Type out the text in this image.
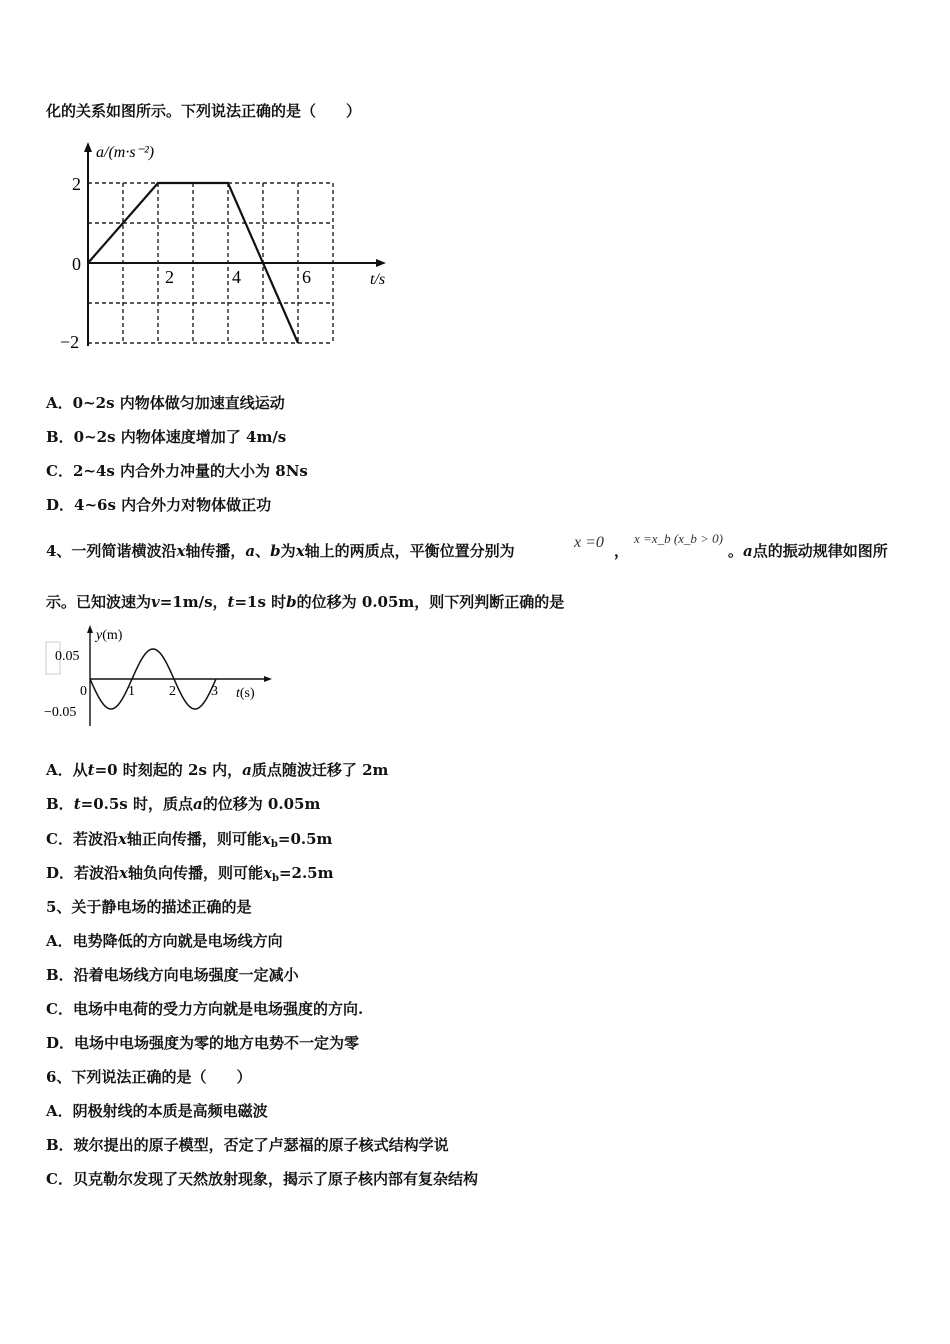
化的关系如图所示。下列说法正确的是（　　）
a/(m·s⁻²)
t/s
2
0
−2
2	4	6
A．0~2s 内物体做匀加速直线运动
B．0~2s 内物体速度增加了 4m/s
C．2~4s 内合外力冲量的大小为 8Ns
D．4~6s 内合外力对物体做正功
4、一列简谐横波沿x轴传播，a、b为x轴上的两质点，平衡位置分别为	x =0 ，
x =x_b (x_b > 0)
。a点的振动规律如图所
示。已知波速为v=1m/s，t=1s 时b的位移为 0.05m，则下列判断正确的是
y(m)
t(s)
0.05
0
−0.05
1 2	3
A．从t=0 时刻起的 2s 内，a质点随波迁移了 2m
B．t=0.5s 时，质点a的位移为 0.05m
C．若波沿x轴正向传播，则可能$x_b=0.5m$
D．若波沿x轴负向传播，则可能$x_b=2.5m$
5、关于静电场的描述正确的是
A．电势降低的方向就是电场线方向
B．沿着电场线方向电场强度一定减小
C．电场中电荷的受力方向就是电场强度的方向.
D．电场中电场强度为零的地方电势不一定为零
6、下列说法正确的是（　　）
A．阴极射线的本质是高频电磁波
B．玻尔提出的原子模型，否定了卢瑟福的原子核式结构学说
C．贝克勒尔发现了天然放射现象，揭示了原子核内部有复杂结构
